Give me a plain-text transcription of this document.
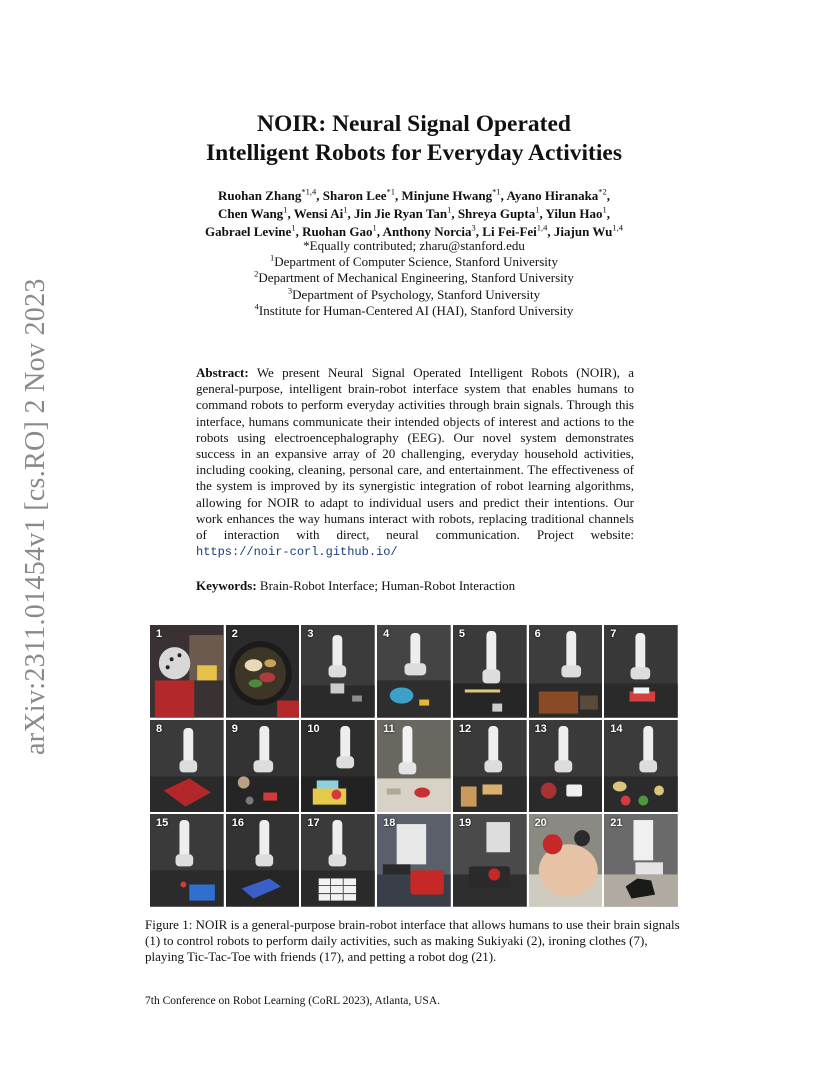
arXiv:2311.01454v1 [cs.RO] 2 Nov 2023
NOIR: Neural Signal Operated
Intelligent Robots for Everyday Activities
Ruohan Zhang$^{*1,4}$, Sharon Lee$^{*1}$, Minjune Hwang$^{*1}$, Ayano Hiranaka$^{*2}$,
Chen Wang$^1$, Wensi Ai$^1$, Jin Jie Ryan Tan$^1$, Shreya Gupta$^1$, Yilun Hao$^1$,
Gabrael Levine$^1$, Ruohan Gao$^1$, Anthony Norcia$^3$, Li Fei-Fei$^{1,4}$, Jiajun Wu$^{1,4}$
*Equally contributed; zharu@stanford.edu
$^1$Department of Computer Science, Stanford University
$^2$Department of Mechanical Engineering, Stanford University
$^3$Department of Psychology, Stanford University
$^4$Institute for Human-Centered AI (HAI), Stanford University
Abstract: We present Neural Signal Operated Intelligent Robots (NOIR), a general-purpose, intelligent brain-robot interface system that enables humans to command robots to perform everyday activities through brain signals. Through this interface, humans communicate their intended objects of interest and actions to the robots using electroencephalography (EEG). Our novel system demonstrates success in an expansive array of 20 challenging, everyday household activities, including cooking, cleaning, personal care, and entertainment. The effectiveness of the system is improved by its synergistic integration of robot learning algorithms, allowing for NOIR to adapt to individual users and predict their intentions. Our work enhances the way humans interact with robots, replacing traditional channels of interaction with direct, neural communication. Project website: https://noir-corl.github.io/
Keywords: Brain-Robot Interface; Human-Robot Interaction
1	2	3	4	5	6	7
8	9	10	11	12	13	14
15	16	17	18	19	20	21
Figure 1: NOIR is a general-purpose brain-robot interface that allows humans to use their brain signals (1) to control robots to perform daily activities, such as making Sukiyaki (2), ironing clothes (7), playing Tic-Tac-Toe with friends (17), and petting a robot dog (21).
7th Conference on Robot Learning (CoRL 2023), Atlanta, USA.
